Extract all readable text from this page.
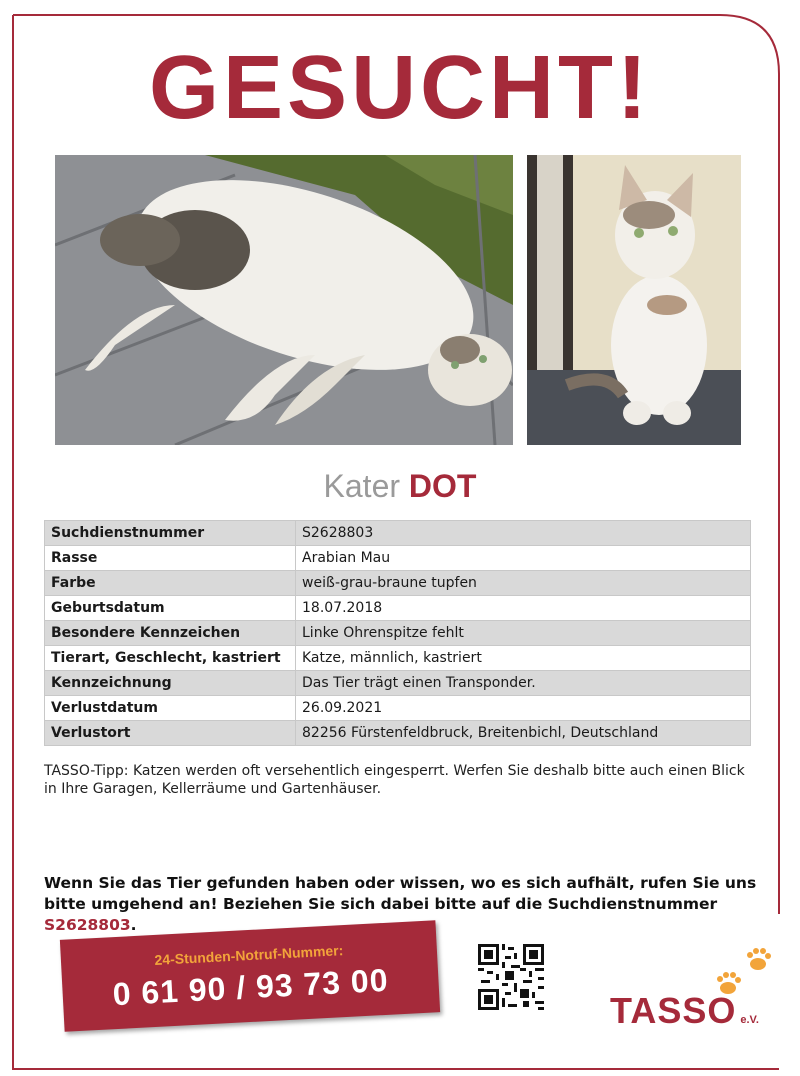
GESUCHT!
Kater DOT
Suchdienstnummer	S2628803
Rasse	Arabian Mau
Farbe	weiß-grau-braune tupfen
Geburtsdatum	18.07.2018
Besondere Kennzeichen	Linke Ohrenspitze fehlt
Tierart, Geschlecht, kastriert	Katze, männlich, kastriert
Kennzeichnung	Das Tier trägt einen Transponder.
Verlustdatum	26.09.2021
Verlustort	82256 Fürstenfeldbruck, Breitenbichl, Deutschland
TASSO-Tipp: Katzen werden oft versehentlich eingesperrt. Werfen Sie deshalb bitte auch einen Blick in Ihre Garagen, Kellerräume und Gartenhäuser.
Wenn Sie das Tier gefunden haben oder wissen, wo es sich aufhält, rufen Sie uns bitte umgehend an! Beziehen Sie sich dabei bitte auf die Suchdienstnummer S2628803.
24-Stunden-Notruf-Nummer:
0 61 90 / 93 73 00	TASSO e.V.
